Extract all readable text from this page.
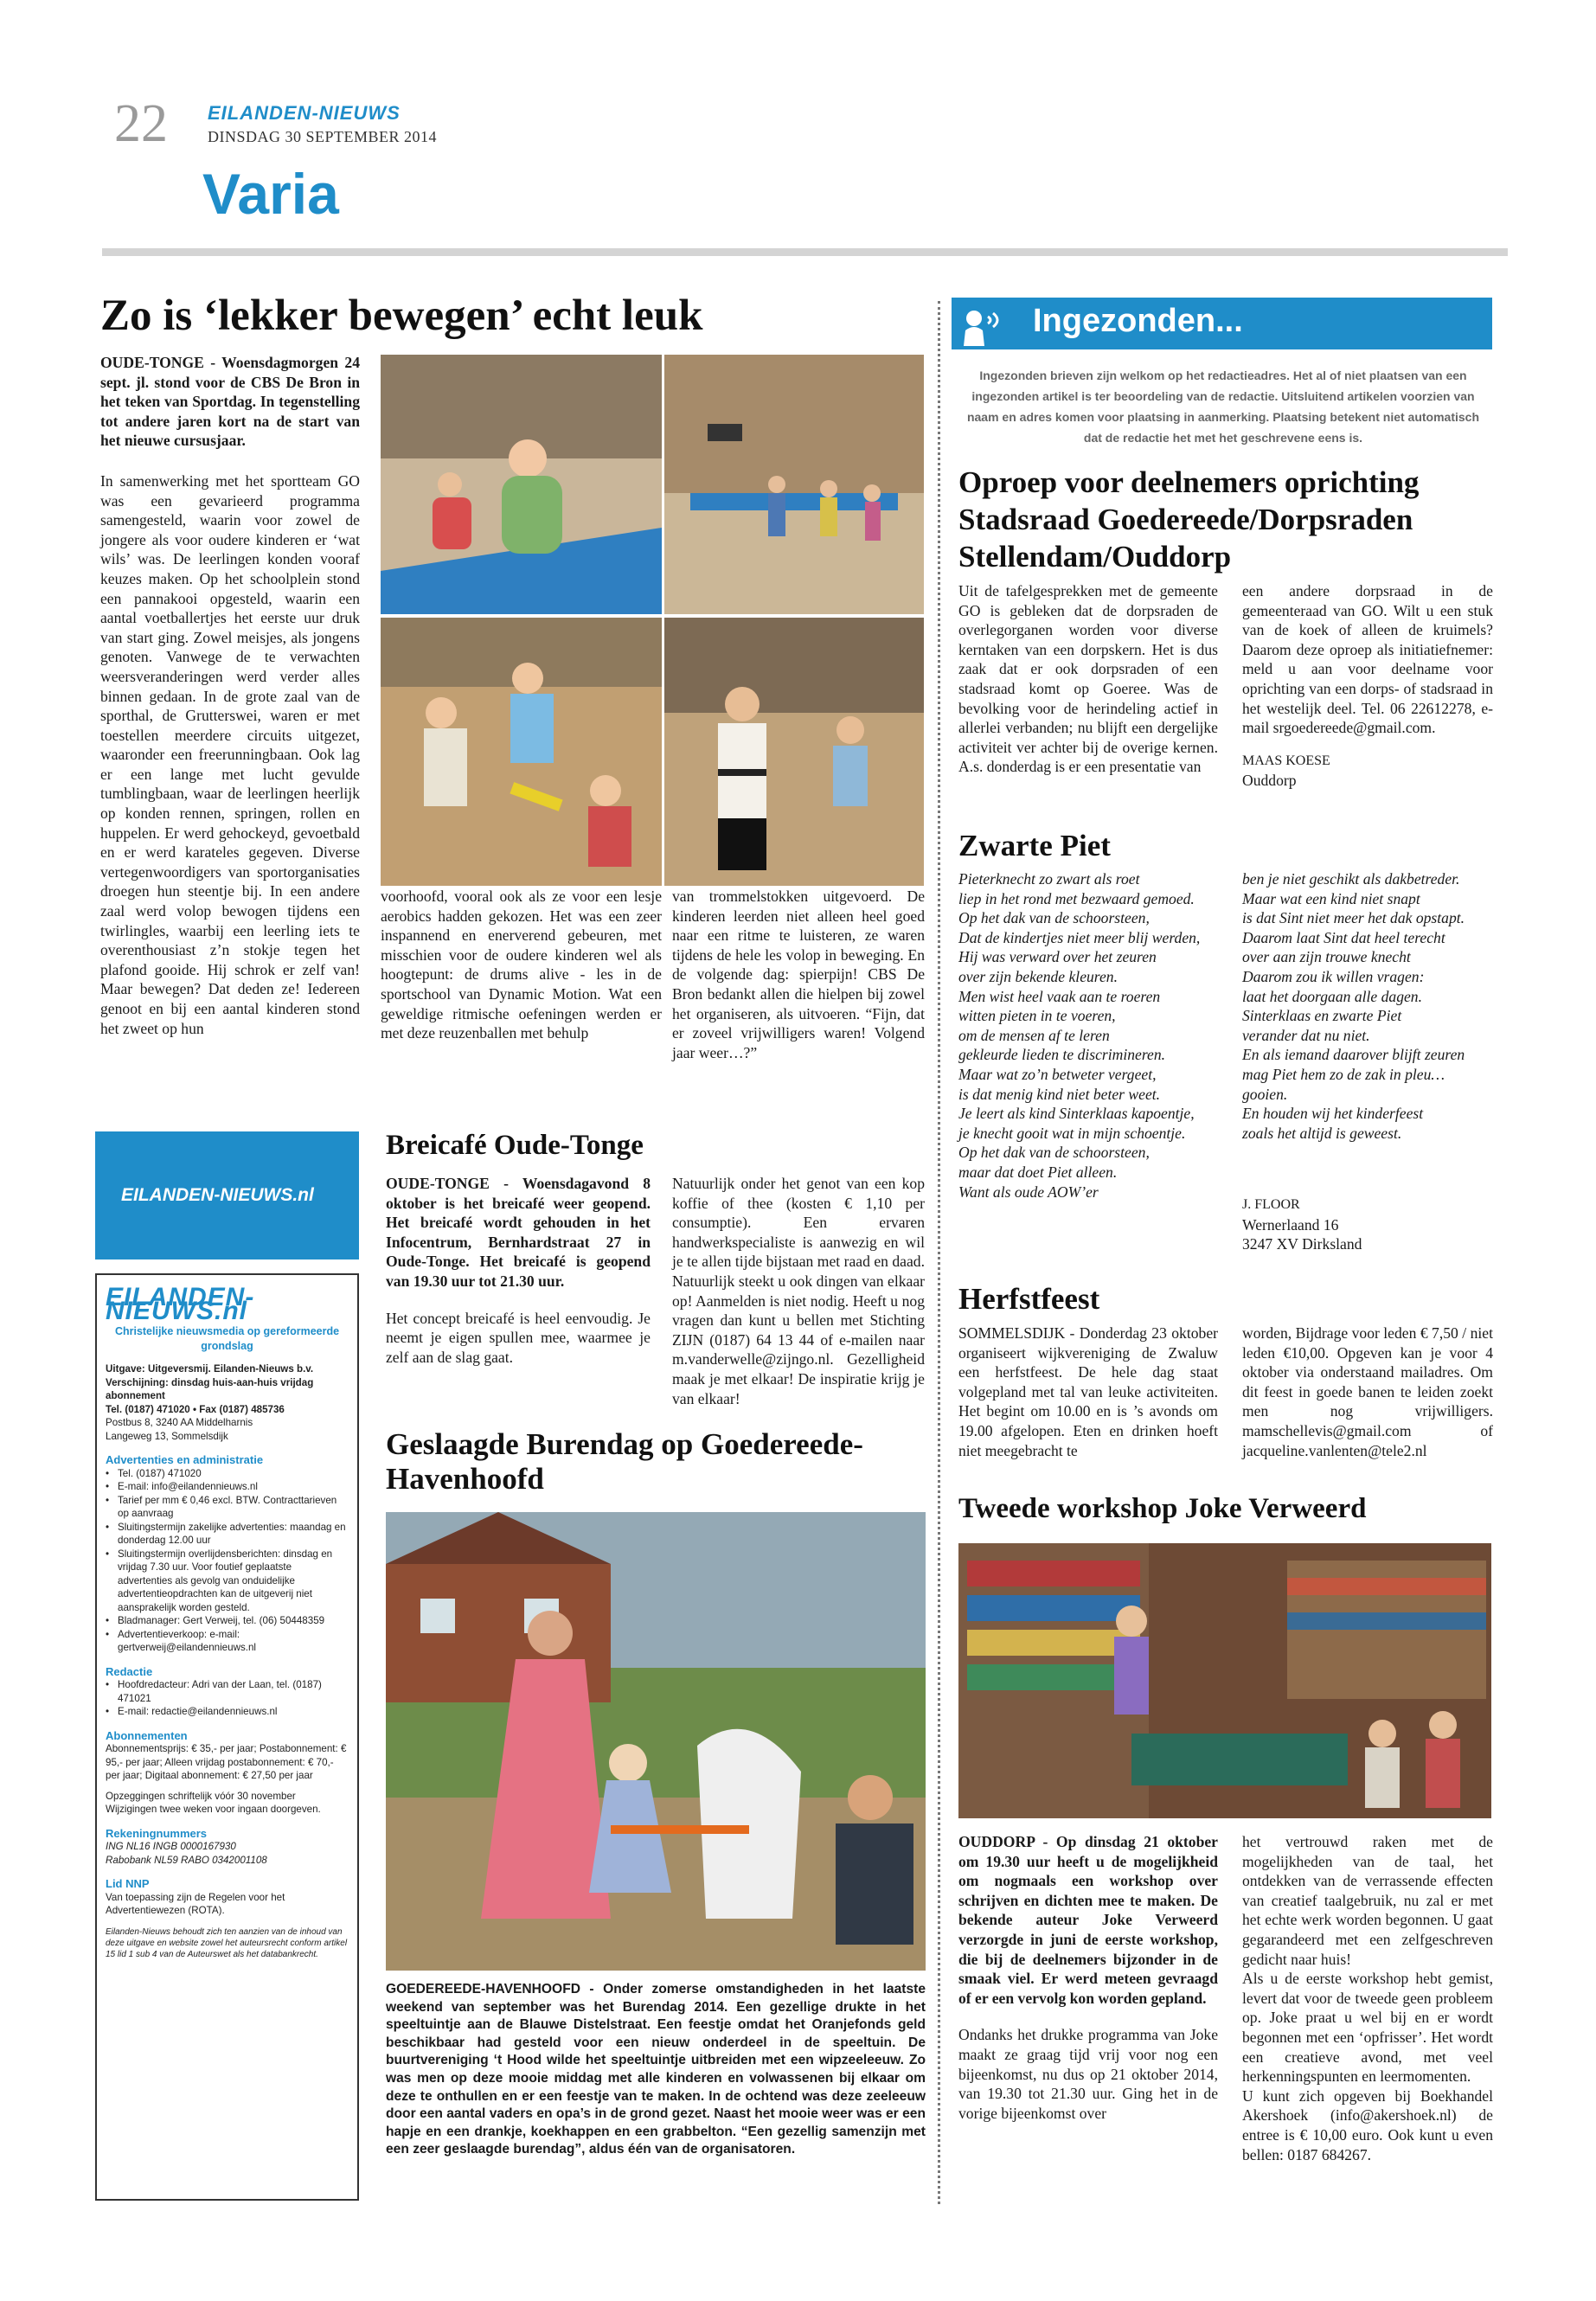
22 EILANDEN-NIEUWS
DINSDAG 30 SEPTEMBER 2014
Varia
Zo is ‘lekker bewegen’ echt leuk

OUDE-TONGE - Woensdagmorgen 24 sept. jl. stond voor de CBS De Bron in het teken van Sportdag. In tegenstelling tot andere jaren kort na de start van het nieuwe cursusjaar.

In samenwerking met het sportteam GO was een gevarieerd programma samengesteld, waarin voor zowel de jongere als voor oudere kinderen er ‘wat wils’ was. De leerlingen konden vooraf keuzes maken. Op het schoolplein stond een pannakooi opgesteld, waarin een aantal voetballertjes het eerste uur druk van start ging. Zowel meisjes, als jongens genoten. Vanwege de te verwachten weersveranderingen werd verder alles binnen gedaan. In de grote zaal van de sporthal, de Grutterswei, waren er met toestellen meerdere circuits uitgezet, waaronder een freerunningbaan. Ook lag er een lange met lucht gevulde tumblingbaan, waar de leerlingen heerlijk op konden rennen, springen, rollen en huppelen. Er werd gehockeyd, gevoetbald en er werd karateles gegeven. Diverse vertegenwoordigers van sportorganisaties droegen hun steentje bij. In een andere zaal werd volop bewogen tijdens een twirlingles, waarbij een leerling iets te overenthousiast z’n stokje tegen het plafond gooide. Hij schrok er zelf van! Maar bewegen? Dat deden ze! Iedereen genoot en bij een aantal kinderen stond het zweet op hun

voorhoofd, vooral ook als ze voor een lesje aerobics hadden gekozen. Het was een zeer inspannend en enerverend gebeuren, met misschien voor de oudere kinderen wel als hoogtepunt: de drums alive - les in de sportschool van Dynamic Motion. Wat een geweldige ritmische oefeningen werden er met deze reuzenballen met behulp
van trommelstokken uitgevoerd. De kinderen leerden niet alleen heel goed naar een ritme te luisteren, ze waren tijdens de hele les volop in beweging. En de volgende dag: spierpijn! CBS De Bron bedankt allen die hielpen bij zowel het organiseren, als uitvoeren. “Fijn, dat er zoveel vrijwilligers waren! Volgend jaar weer…?”
Breicafé Oude-Tonge

OUDE-TONGE - Woensdagavond 8 oktober is het breicafé weer geopend. Het breicafé wordt gehouden in het Infocentrum, Bernhardstraat 27 in Oude-Tonge. Het breicafé is geopend van 19.30 uur tot 21.30 uur.

Het concept breicafé is heel eenvoudig. Je neemt je eigen spullen mee, waarmee je zelf aan de slag gaat.

Natuurlijk onder het genot van een kop koffie of thee (kosten € 1,10 per consumptie). Een ervaren handwerkspecialiste is aanwezig en wil je te allen tijde bijstaan met raad en daad. Natuurlijk steekt u ook dingen van elkaar op! Aanmelden is niet nodig. Heeft u nog vragen dan kunt u bellen met Stichting ZIJN (0187) 64 13 44 of e-mailen naar m.vanderwelle@zijngo.nl. Gezelligheid maak je met elkaar! De inspiratie krijg je van elkaar!
Geslaagde Burendag op Goedereede-Havenhoofd
GOEDEREEDE-HAVENHOOFD - Onder zomerse omstandigheden in het laatste weekend van september was het Burendag 2014. Een gezellige drukte in het speeltuintje aan de Blauwe Distelstraat. Een feestje omdat het Oranjefonds geld beschikbaar had gesteld voor een nieuw onderdeel in de speeltuin. De buurtvereniging ‘t Hood wilde het speeltuintje uitbreiden met een wipzeeleeuw. Zo was men op deze mooie middag met alle kinderen en volwassenen bij elkaar om deze te onthullen en er een feestje van te maken. In de ochtend was deze zeeleeuw door een aantal vaders en opa’s in de grond gezet. Naast het mooie weer was er een hapje en een drankje, koekhappen en een grabbelton. “Een gezellig samenzijn met een zeer geslaagde burendag”, aldus één van de organisatoren.
Ingezonden...
Ingezonden brieven zijn welkom op het redactieadres. Het al of niet plaatsen van een ingezonden artikel is ter beoordeling van de redactie. Uitsluitend artikelen voorzien van naam en adres komen voor plaatsing in aanmerking. Plaatsing betekent niet automatisch dat de redactie het met het geschrevene eens is.
Oproep voor deelnemers oprichting Stadsraad Goedereede/Dorpsraden Stellendam/Ouddorp
Uit de tafelgesprekken met de gemeente GO is gebleken dat de dorpsraden de overlegorganen worden voor diverse kerntaken van een dorpskern. Het is dus zaak dat er ook dorpsraden of een stadsraad komt op Goeree. Was de bevolking voor de herindeling actief in allerlei verbanden; nu blijft een dergelijke activiteit ver achter bij de overige kernen. A.s. donderdag is er een presentatie van

een andere dorpsraad in de gemeenteraad van GO. Wilt u een stuk van de koek of alleen de kruimels? Daarom deze oproep als initiatiefnemer: meld u aan voor deelname voor oprichting van een dorps- of stadsraad in het westelijk deel. Tel. 06 22612278, e-mail srgoedereede@gmail.com.

MAAS KOESE

Ouddorp

Zwarte Piet
Pieterknecht zo zwart als roet
liep in het rond met bezwaard gemoed.
Op het dak van de schoorsteen,
Dat de kindertjes niet meer blij werden,
Hij was verward over het zeuren
over zijn bekende kleuren.
Men wist heel vaak aan te roeren
witten pieten in te voeren,
om de mensen af te leren
gekleurde lieden te discrimineren.
Maar wat zo’n betweter vergeet,
is dat menig kind niet beter weet.
Je leert als kind Sinterklaas kapoentje,
je knecht gooit wat in mijn schoentje.
Op het dak van de schoorsteen,
maar dat doet Piet alleen.
Want als oude AOW’er
ben je niet geschikt als dakbetreder.
Maar wat een kind niet snapt
is dat Sint niet meer het dak opstapt.
Daarom laat Sint dat heel terecht
over aan zijn trouwe knecht
Daarom zou ik willen vragen:
laat het doorgaan alle dagen.
Sinterklaas en zwarte Piet
verander dat nu niet.
En als iemand daarover blijft zeuren
mag Piet hem zo de zak in pleu…
gooien.
En houden wij het kinderfeest
zoals het altijd is geweest.
J. FLOOR
Wernerlaand 16
3247 XV Dirksland
Herfstfeest
SOMMELSDIJK - Donderdag 23 oktober organiseert wijkvereniging de Zwaluw een herfstfeest. De hele dag staat volgepland met tal van leuke activiteiten. Het begint om 10.00 en is ’s avonds om 19.00 afgelopen. Eten en drinken hoeft niet meegebracht te
worden, Bijdrage voor leden € 7,50 / niet leden €10,00. Opgeven kan je voor 4 oktober via onderstaand mailadres. Om dit feest in goede banen te leiden zoekt men nog vrijwilligers. mamschellevis@gmail.com of jacqueline.vanlenten@tele2.nl
Tweede workshop Joke Verweerd

OUDDORP - Op dinsdag 21 oktober om 19.30 uur heeft u de mogelijkheid om nogmaals een workshop over schrijven en dichten mee te maken. De bekende auteur Joke Verweerd verzorgde in juni de eerste workshop, die bij de deelnemers bijzonder in de smaak viel. Er werd meteen gevraagd of er een vervolg kon worden gepland.

Ondanks het drukke programma van Joke maakt ze graag tijd vrij voor nog een bijeenkomst, nu dus op 21 oktober 2014, van 19.30 tot 21.30 uur. Ging het in de vorige bijeenkomst over

het vertrouwd raken met de mogelijkheden van de taal, het ontdekken van de verrassende effecten van creatief taalgebruik, nu zal er met het echte werk worden begonnen. U gaat gegarandeerd met een zelfgeschreven gedicht naar huis!
Als u de eerste workshop hebt gemist, levert dat voor de tweede geen probleem op. Joke praat u wel bij en er wordt begonnen met een ‘opfrisser’. Het wordt een creatieve avond, met veel herkenningspunten en leermomenten.
U kunt zich opgeven bij Boekhandel Akershoek (info@akershoek.nl) de entree is € 10,00 euro. Ook kunt u even bellen: 0187 684267.
EILANDEN-NIEUWS.nl
EILANDEN-NIEUWS.nl
Christelijke nieuwsmedia op gereformeerde grondslag
Uitgave: Uitgeversmij. Eilanden-Nieuws b.v.
Verschijning: dinsdag huis-aan-huis vrijdag abonnement
Tel. (0187) 471020 • Fax (0187) 485736
Postbus 8, 3240 AA Middelharnis
Langeweg 13, Sommelsdijk
Advertenties en administratie
• Tel. (0187) 471020
• E-mail: info@eilandennieuws.nl
• Tarief per mm € 0,46 excl. BTW. Contracttarieven op aanvraag
• Sluitingstermijn zakelijke advertenties: maandag en donderdag 12.00 uur
• Sluitingstermijn overlijdensberichten: dinsdag en vrijdag 7.30 uur. Voor foutief geplaatste advertenties als gevolg van onduidelijke advertentieopdrachten kan de uitgeverij niet aansprakelijk worden gesteld.
• Bladmanager: Gert Verweij, tel. (06) 50448359
• Advertentieverkoop: e-mail: gertverweij@eilandennieuws.nl
Redactie
• Hoofdredacteur: Adri van der Laan, tel. (0187) 471021
• E-mail: redactie@eilandennieuws.nl
Abonnementen
Abonnementsprijs: € 35,- per jaar; Postabonnement: € 95,- per jaar; Alleen vrijdag postabonnement: € 70,- per jaar; Digitaal abonnement: € 27,50 per jaar
Opzeggingen schriftelijk vóór 30 november Wijzigingen twee weken voor ingaan doorgeven.
Rekeningnummers
ING NL16 INGB 0000167930
Rabobank NL59 RABO 0342001108
Lid NNP
Van toepassing zijn de Regelen voor het Advertentiewezen (ROTA).
Eilanden-Nieuws behoudt zich ten aanzien van de inhoud van deze uitgave en website zowel het auteursrecht conform artikel 15 lid 1 sub 4 van de Auteurswet als het databankrecht.
